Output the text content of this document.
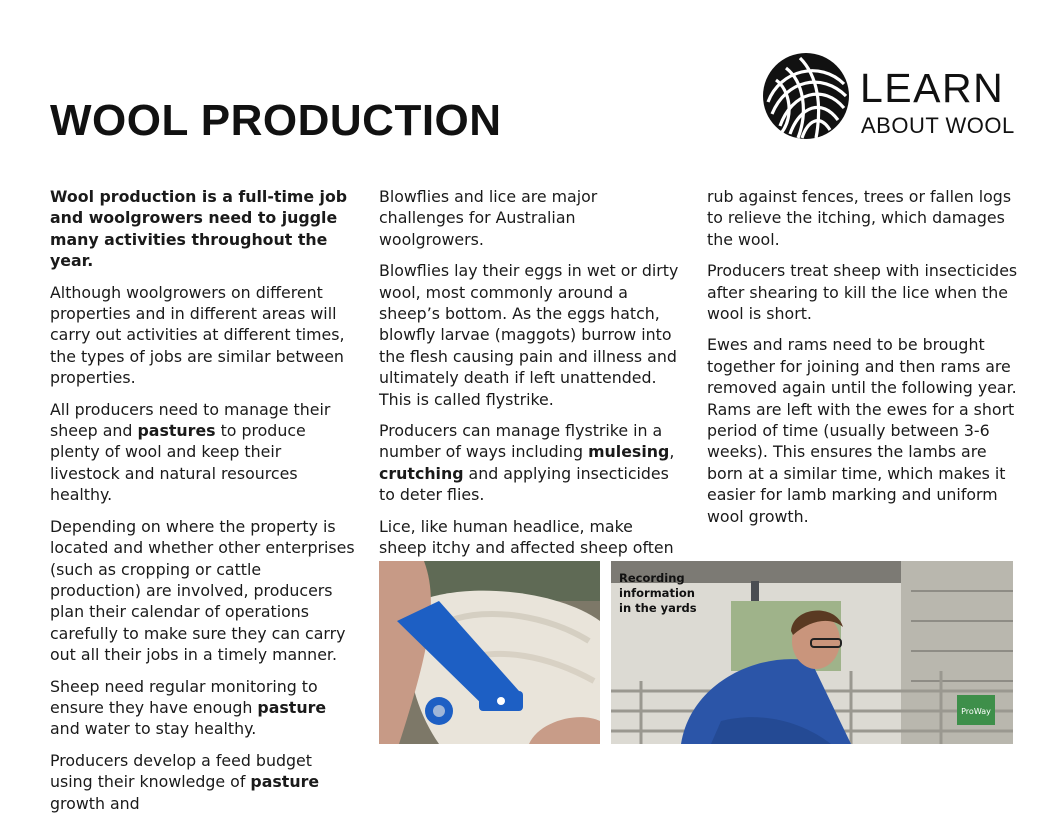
WOOL PRODUCTION
LEARN
ABOUT WOOL

Wool production is a full-time job and woolgrowers need to juggle many activities throughout the year.

Although woolgrowers on different properties and in different areas will carry out activities at different times, the types of jobs are similar between properties.

All producers need to manage their sheep and pastures to produce plenty of wool and keep their livestock and natural resources healthy.

Depending on where the property is located and whether other enterprises (such as cropping or cattle production) are involved, producers plan their calendar of operations carefully to make sure they can carry out all their jobs in a timely manner.

Sheep need regular monitoring to ensure they have enough pasture and water to stay healthy.

Producers develop a feed budget using their knowledge of pasture growth and

Blowflies and lice are major challenges for Australian woolgrowers.

Blowflies lay their eggs in wet or dirty wool, most commonly around a sheep’s bottom. As the eggs hatch, blowfly larvae (maggots) burrow into the flesh causing pain and illness and ultimately death if left unattended. This is called flystrike.

Producers can manage flystrike in a number of ways including mulesing, crutching and applying insecticides to deter flies.

Lice, like human headlice, make sheep itchy and affected sheep often

rub against fences, trees or fallen logs to relieve the itching, which damages the wool.

Producers treat sheep with insecticides after shearing to kill the lice when the wool is short.

Ewes and rams need to be brought together for joining and then rams are removed again until the following year. Rams are left with the ewes for a short period of time (usually between 3-6 weeks). This ensures the lambs are born at a similar time, which makes it easier for lamb marking and uniform wool growth.

ProWay
Recording information in the yards
